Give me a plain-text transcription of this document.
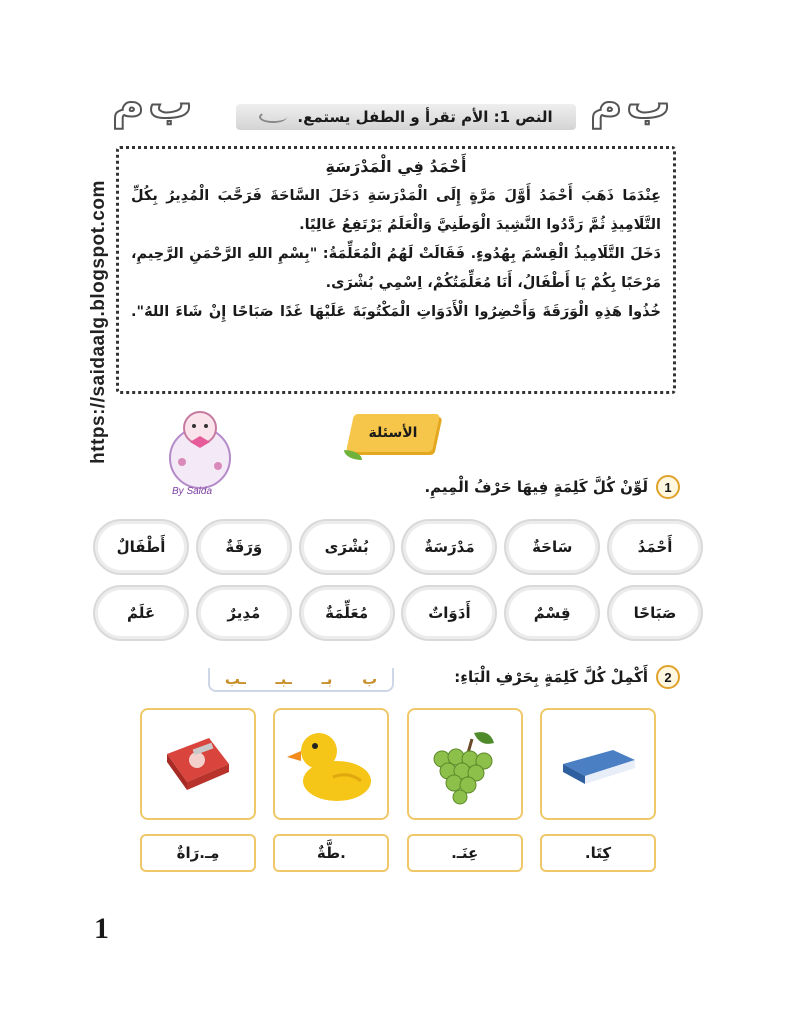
https://saidaalg.blogspot.com
م ب
م ب	النص 1: الأم تقرأ و الطفل يستمع.
أَحْمَدُ فِي الْمَدْرَسَةِ
عِنْدَمَا ذَهَبَ أَحْمَدُ أَوَّلَ مَرَّةٍ إِلَى الْمَدْرَسَةِ دَخَلَ السَّاحَةَ فَرَحَّبَ الْمُدِيرُ بِكُلِّ
التَّلَامِيذِ ثُمَّ رَدَّدُوا النَّشِيدَ الْوَطَنِيَّ وَالْعَلَمُ يَرْتَفِعُ عَالِيًا.
دَخَلَ التَّلَامِيذُ الْقِسْمَ بِهُدُوءٍ. فَقَالَتْ لَهُمُ الْمُعَلِّمَةُ: "بِسْمِ اللهِ الرَّحْمَنِ الرَّحِيمِ،
مَرْحَبًا بِكُمْ يَا أَطْفَالُ، أَنَا مُعَلِّمَتُكُمْ، اِسْمِي بُشْرَى.
خُذُوا هَذِهِ الْوَرَقَةَ وَأَحْضِرُوا الْأَدَوَاتِ الْمَكْتُوبَةَ عَلَيْهَا غَدًا صَبَاحًا إِنْ شَاءَ اللهُ".
By Saida
الأسئلة
1
لَوِّنْ كُلَّ كَلِمَةٍ فِيهَا حَرْفُ الْمِيمِ.
أَحْمَدُ
سَاحَةٌ
مَدْرَسَةٌ
بُشْرَى
وَرَقَةٌ
أَطْفَالٌ
صَبَاحًا
قِسْمٌ
أَدَوَاتٌ
مُعَلِّمَةٌ
مُدِيرٌ
عَلَمٌ
2
أَكْمِلْ كُلَّ كَلِمَةٍ بِحَرْفِ الْبَاءِ:
ب
بـ
ـبـ
ـب
كِتَا.
عِنَـ.
.طَّةٌ
مِـ.رَاةٌ
1
